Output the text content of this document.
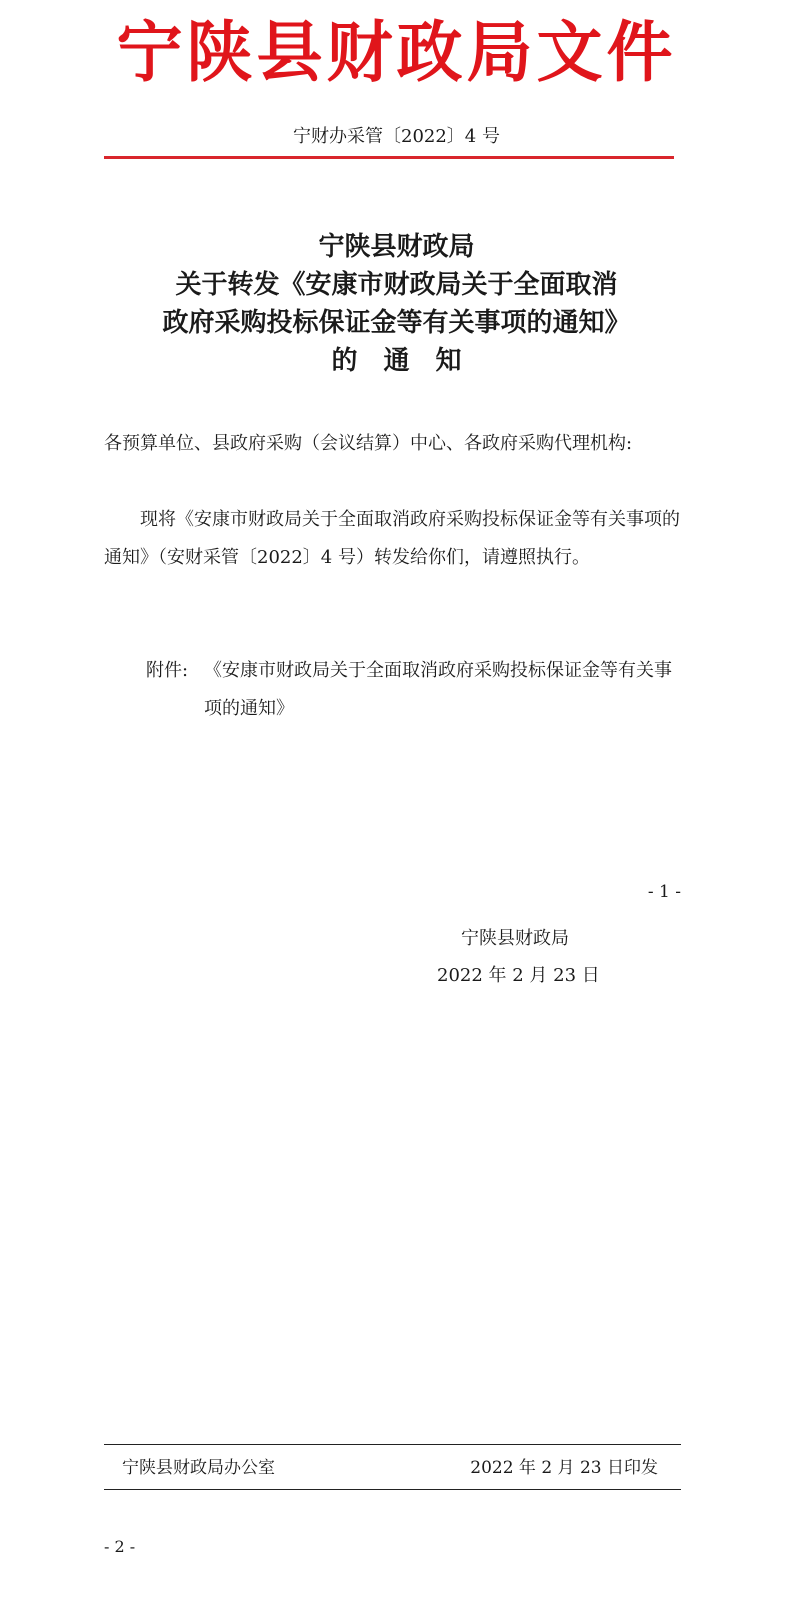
宁陕县财政局文件
宁财办采管〔2022〕4 号
宁陕县财政局
关于转发《安康市财政局关于全面取消
政府采购投标保证金等有关事项的通知》
的　通　知
各预算单位、县政府采购（会议结算）中心、各政府采购代理机构:
现将《安康市财政局关于全面取消政府采购投标保证金等有关事项的通知》（安财采管〔2022〕4 号）转发给你们，请遵照执行。
附件: 《安康市财政局关于全面取消政府采购投标保证金等有关事项的通知》
- 1 -
宁陕县财政局
2022 年 2 月 23 日
宁陕县财政局办公室	2022 年 2 月 23 日印发
- 2 -
